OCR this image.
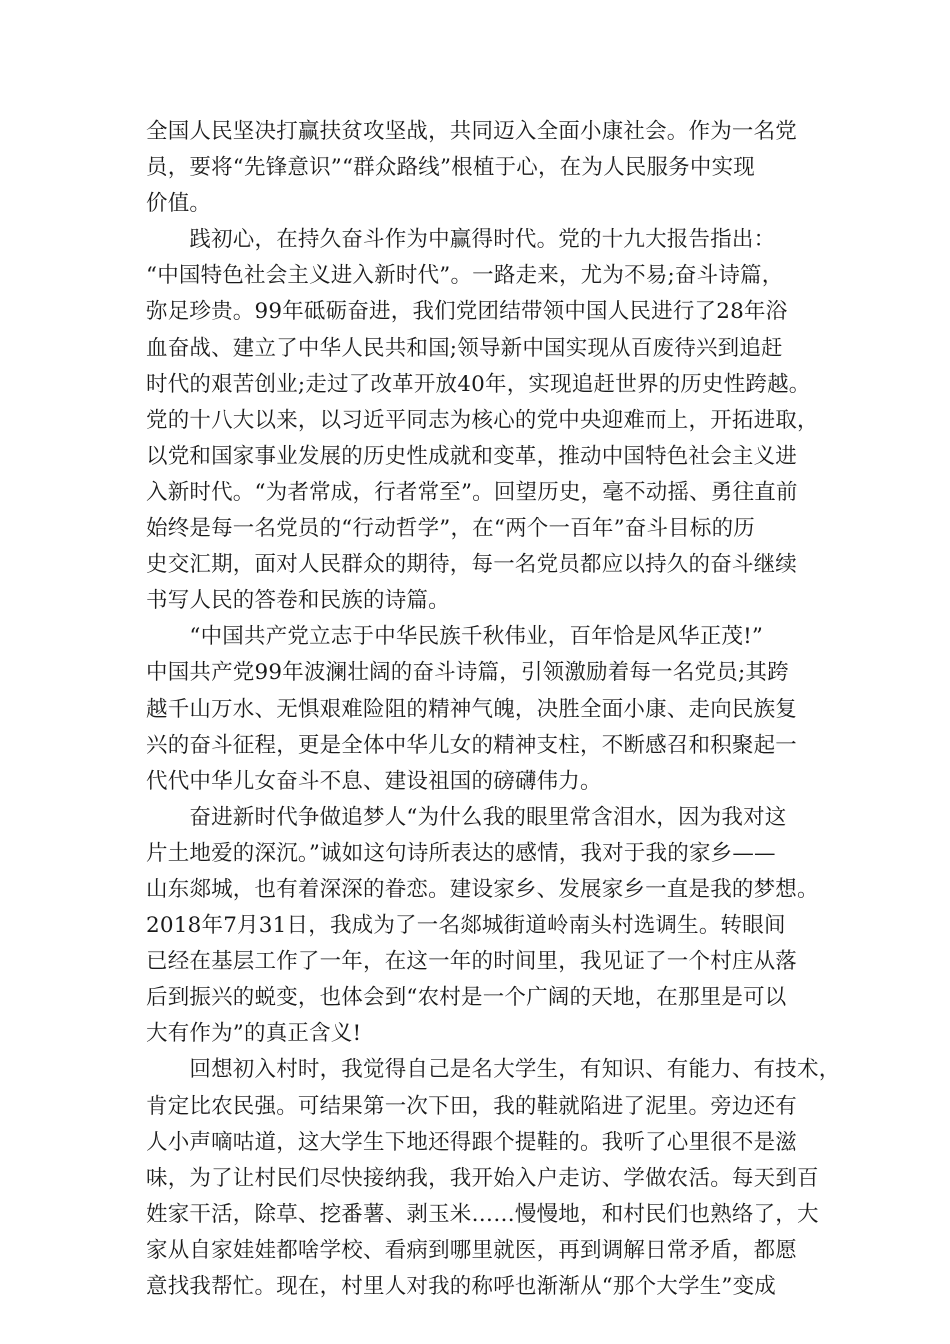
全国人民坚决打赢扶贫攻坚战，共同迈入全面小康社会。作为一名党
员，要将“先锋意识”“群众路线”根植于心，在为人民服务中实现
价值。
　　践初心，在持久奋斗作为中赢得时代。党的十九大报告指出：
“中国特色社会主义进入新时代”。一路走来，尤为不易;奋斗诗篇，
弥足珍贵。99年砥砺奋进，我们党团结带领中国人民进行了28年浴
血奋战、建立了中华人民共和国;领导新中国实现从百废待兴到追赶
时代的艰苦创业;走过了改革开放40年，实现追赶世界的历史性跨越。
党的十八大以来，以习近平同志为核心的党中央迎难而上，开拓进取，
以党和国家事业发展的历史性成就和变革，推动中国特色社会主义进
入新时代。“为者常成，行者常至”。回望历史，毫不动摇、勇往直前
始终是每一名党员的“行动哲学”，在“两个一百年”奋斗目标的历
史交汇期，面对人民群众的期待，每一名党员都应以持久的奋斗继续
书写人民的答卷和民族的诗篇。
　　“中国共产党立志于中华民族千秋伟业，百年恰是风华正茂!”
中国共产党99年波澜壮阔的奋斗诗篇，引领激励着每一名党员;其跨
越千山万水、无惧艰难险阻的精神气魄，决胜全面小康、走向民族复
兴的奋斗征程，更是全体中华儿女的精神支柱，不断感召和积聚起一
代代中华儿女奋斗不息、建设祖国的磅礴伟力。
　　奋进新时代争做追梦人“为什么我的眼里常含泪水，因为我对这
片土地爱的深沉。”诚如这句诗所表达的感情，我对于我的家乡——
山东郯城，也有着深深的眷恋。建设家乡、发展家乡一直是我的梦想。
2018年7月31日，我成为了一名郯城街道岭南头村选调生。转眼间
已经在基层工作了一年，在这一年的时间里，我见证了一个村庄从落
后到振兴的蜕变，也体会到“农村是一个广阔的天地，在那里是可以
大有作为”的真正含义!
　　回想初入村时，我觉得自己是名大学生，有知识、有能力、有技术，
肯定比农民强。可结果第一次下田，我的鞋就陷进了泥里。旁边还有
人小声嘀咕道，这大学生下地还得跟个提鞋的。我听了心里很不是滋
味，为了让村民们尽快接纳我，我开始入户走访、学做农活。每天到百
姓家干活，除草、挖番薯、剥玉米……慢慢地，和村民们也熟络了，大
家从自家娃娃都啥学校、看病到哪里就医，再到调解日常矛盾，都愿
意找我帮忙。现在，村里人对我的称呼也渐渐从“那个大学生”变成
